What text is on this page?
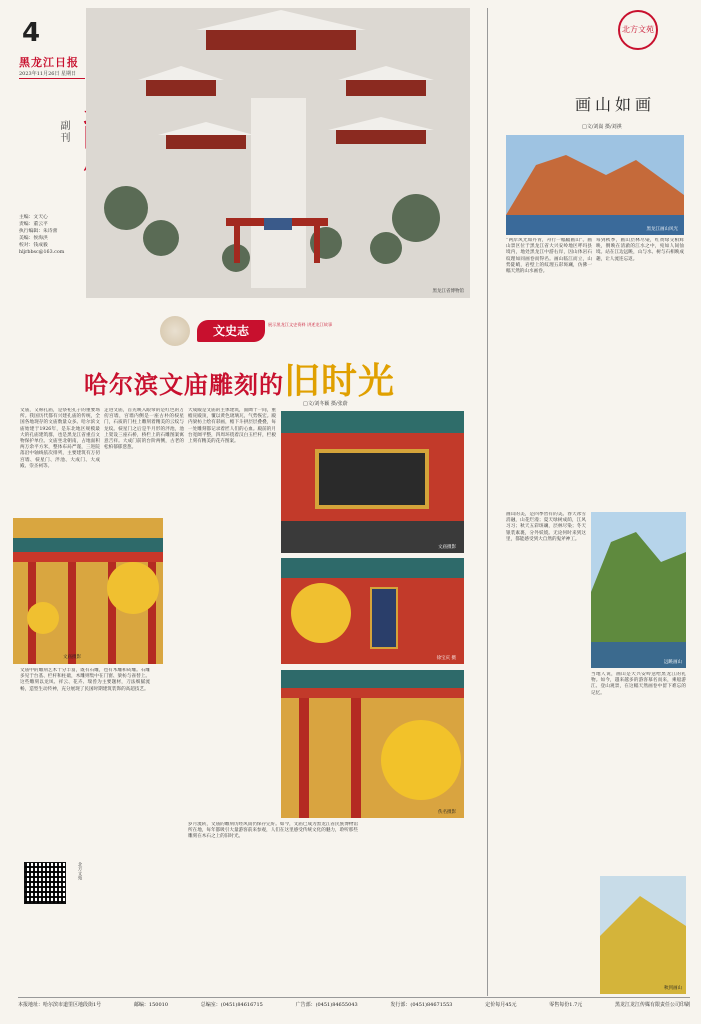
4
黑龙江日报
2023年11月26日 星期日
副刊
主编：文天心
责编：董云平
执行编辑：朱诗蕾
美编：侯海洪
校对：钱成毅
hljrbbsc@163.com
黑龙江省博物馆
文史志	展示黑龙江文史资料 讲述龙江故事
哈尔滨文庙雕刻的旧时光
□文/刘冬颖 摄/张蔚
文庙，又称孔庙，是祭祀孔子的重要场所。我国历代都有兴建孔庙的传统，全国各地现存的文庙数量众多。哈尔滨文庙始建于1926年，是东北地区规模最大的孔庙建筑群，也是黑龙江省重点文物保护单位。文庙坐北朝南，占地面积两万余平方米，整体布局严谨，三进院落沿中轴线依次排列，主要建筑有万仞宫墙、棂星门、泮池、大成门、大成殿、崇圣祠等。
走进文庙，首先映入眼帘的是红色的万仞宫墙，宫墙内侧是一座古朴的棂星门，石质的门柱上雕刻着精美的云纹与龙纹。棂星门之后是半月形的泮池，池上架设三座石桥，桥栏上的石雕图案寓意吉祥。大成门前的台阶两侧，古老的松柏郁郁葱葱。
大成殿是文庙的主体建筑，面阔十一间，重檐庑殿顶，覆以黄色琉璃瓦，气势恢宏。殿内梁枋上绘有彩画，檐下斗拱层层叠叠，每一处雕刻都记录着匠人们的心血。殿前的月台宽阔平整，四周环绕着汉白玉栏杆，栏板上刻有精美的花卉图案。
文庙中的雕刻艺术十分丰富，既有石雕，也有木雕和砖雕。石雕多见于台基、栏杆和柱础，木雕则集中在门窗、梁枋与雀替上。这些雕刻以龙凤、祥云、花卉、瑞兽为主要题材，刀法细腻流畅，造型生动传神，充分展现了民国时期建筑装饰的高超技艺。
岁月流转，文庙的雕刻历经风雨仍保存完好。如今，文庙已成为黑龙江省民族博物馆所在地，每年都吸引大量游客前来参观，人们在这里感受传统文化的魅力，聆听那些雕刻在木石之上的旧时光。
文庙摄影
文庙摄影
徐宝庆 摄
佚名摄影
北方文苑
北方文苑
画山如画
□文/刘嵩 摄/刘祺
黑龙江画山风光
“两岸风光如丹青，舟行一幅幅画山”。画山景区位于黑龙江省大兴安岭地区呼玛县境内，地处黑龙江中游右岸，因山体岩石纹理如同画卷而得名。画山临江而立，山势陡峭，岩壁上的纹理五彩斑斓，仿佛一幅天然的山水画卷。
每到秋季，画山层林尽染，红黄绿交相辉映，倒映在清澈的江水之中，宛如人间仙境。站在江边远眺，山与水、树与石相映成趣，让人流连忘返。
画山的美，是四季皆有的美。春天冰雪消融，山花烂漫；夏天绿树成荫，江风习习；秋天五彩斑斓，层林尽染；冬天银装素裹，分外妖娆。无论何时来到这里，都能感受到大自然的鬼斧神工。
远眺画山
当地人说，画山是大兴安岭送给黑龙江的礼物。如今，越来越多的游客慕名而来，乘船游江、登山观景，在这幅天然画卷中留下难忘的记忆。
秋到画山
本报地址：哈尔滨市道里区地段街1号	邮编：150010	总编室：(0451)84616715	广告部：(0451)84655043	发行部：(0451)84671553	定价每月45元	零售每份1.7元	黑龙江龙江传媒有限责任公司印刷
